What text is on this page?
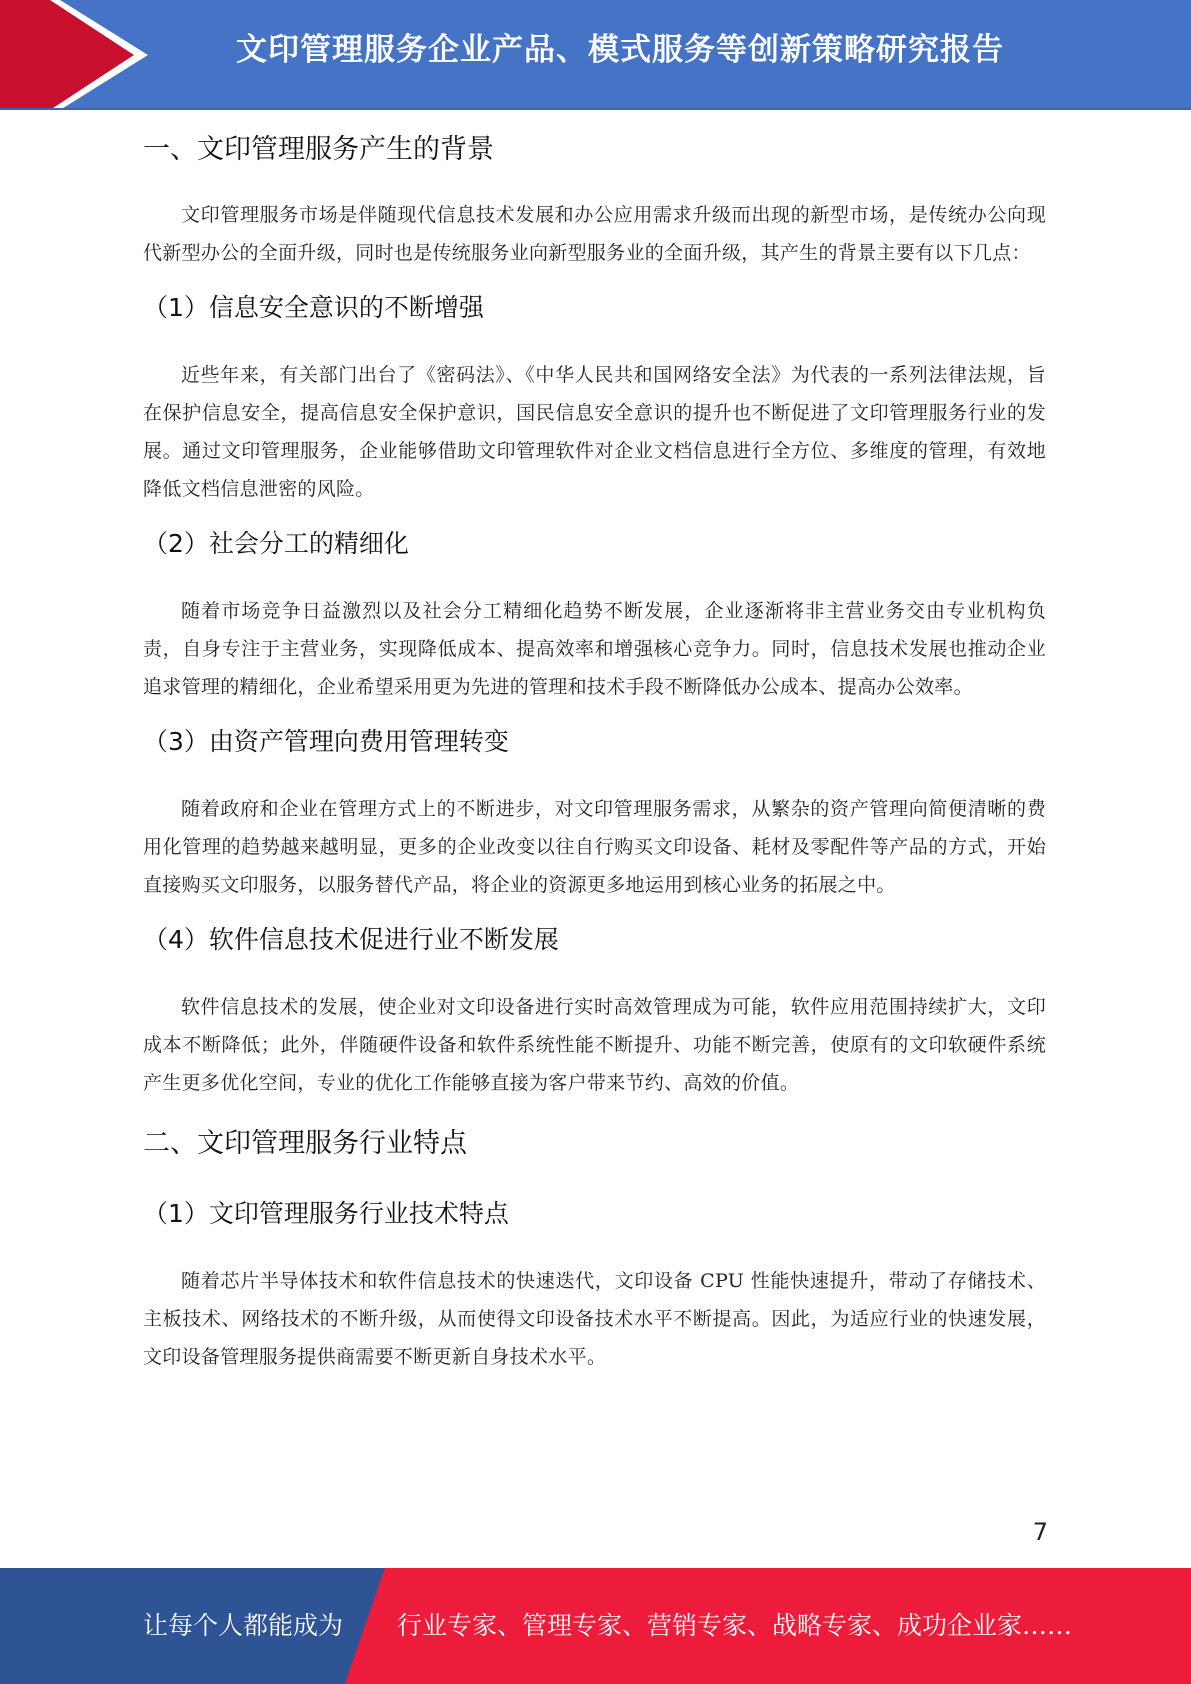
文印管理服务企业产品、模式服务等创新策略研究报告
一、文印管理服务产生的背景

文印管理服务市场是伴随现代信息技术发展和办公应用需求升级而出现的新型市场，是传统办公向现代新型办公的全面升级，同时也是传统服务业向新型服务业的全面升级，其产生的背景主要有以下几点：

（1）信息安全意识的不断增强

近些年来，有关部门出台了《密码法》、《中华人民共和国网络安全法》为代表的一系列法律法规，旨在保护信息安全，提高信息安全保护意识，国民信息安全意识的提升也不断促进了文印管理服务行业的发展。通过文印管理服务，企业能够借助文印管理软件对企业文档信息进行全方位、多维度的管理，有效地降低文档信息泄密的风险。

（2）社会分工的精细化

随着市场竞争日益激烈以及社会分工精细化趋势不断发展，企业逐渐将非主营业务交由专业机构负责，自身专注于主营业务，实现降低成本、提高效率和增强核心竞争力。同时，信息技术发展也推动企业追求管理的精细化，企业希望采用更为先进的管理和技术手段不断降低办公成本、提高办公效率。

（3）由资产管理向费用管理转变

随着政府和企业在管理方式上的不断进步，对文印管理服务需求，从繁杂的资产管理向简便清晰的费用化管理的趋势越来越明显，更多的企业改变以往自行购买文印设备、耗材及零配件等产品的方式，开始直接购买文印服务，以服务替代产品，将企业的资源更多地运用到核心业务的拓展之中。

（4）软件信息技术促进行业不断发展

软件信息技术的发展，使企业对文印设备进行实时高效管理成为可能，软件应用范围持续扩大，文印成本不断降低；此外，伴随硬件设备和软件系统性能不断提升、功能不断完善，使原有的文印软硬件系统产生更多优化空间，专业的优化工作能够直接为客户带来节约、高效的价值。

二、文印管理服务行业特点
（1）文印管理服务行业技术特点

随着芯片半导体技术和软件信息技术的快速迭代，文印设备 CPU 性能快速提升，带动了存储技术、主板技术、网络技术的不断升级，从而使得文印设备技术水平不断提高。因此，为适应行业的快速发展，文印设备管理服务提供商需要不断更新自身技术水平。

7
让每个人都能成为 行业专家、管理专家、营销专家、战略专家、成功企业家……
